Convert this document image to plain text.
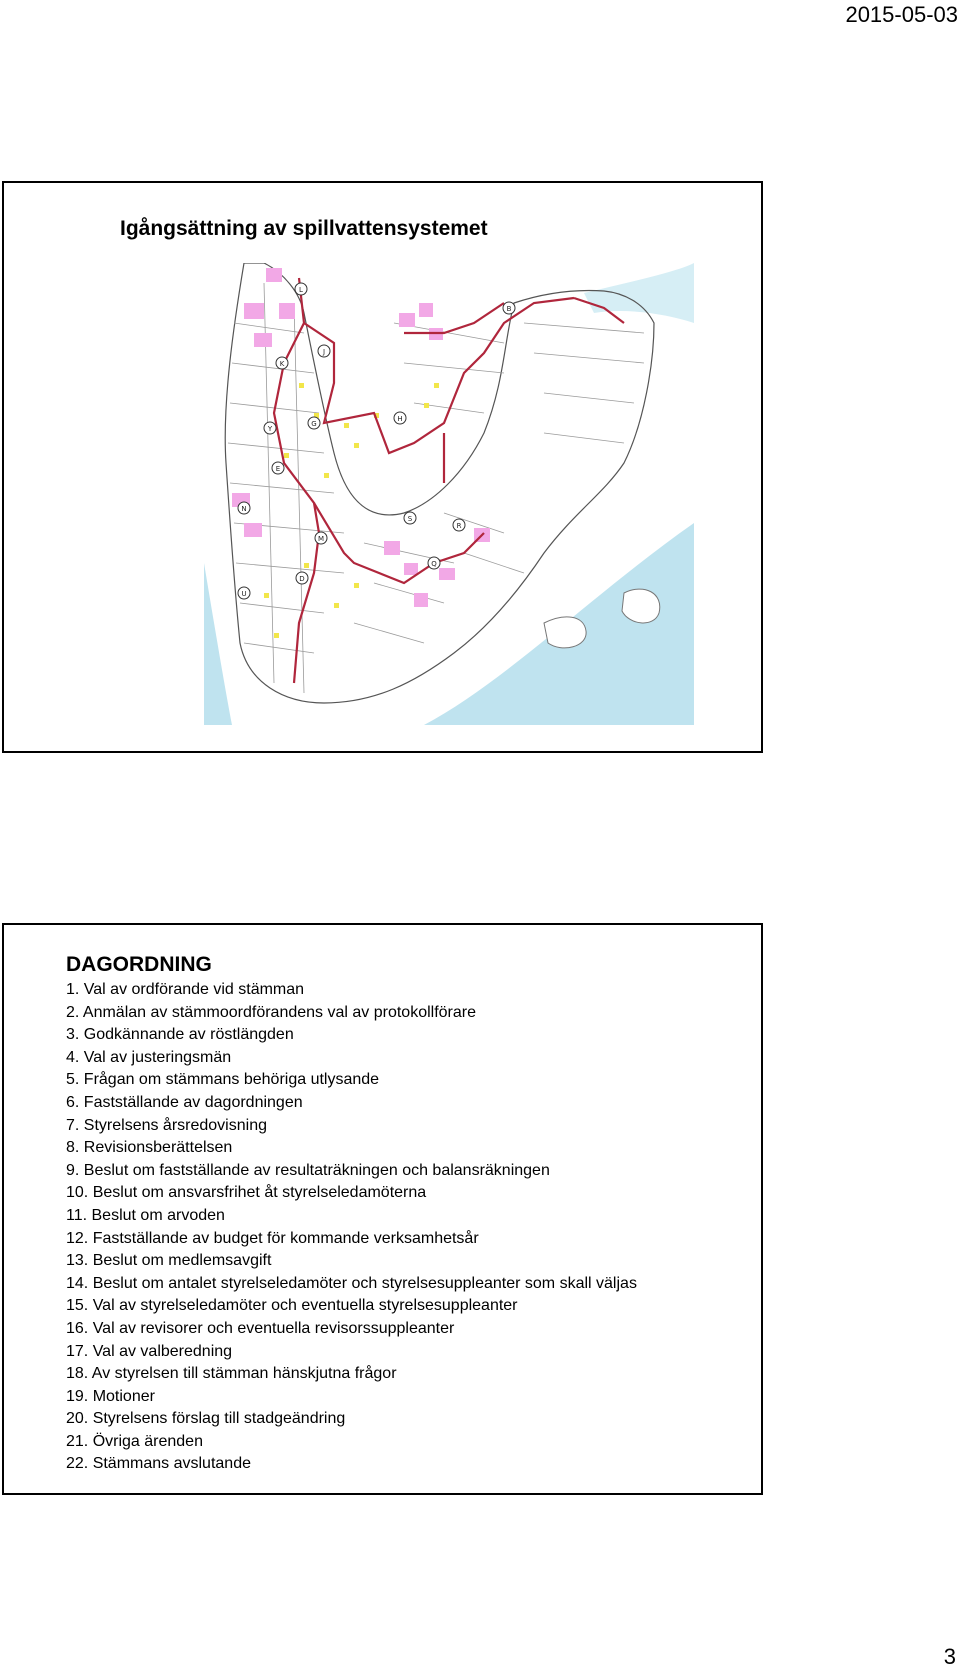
2015-05-03
Igångsättning av spillvattensystemet
L
J
K
Y
G
E
N
M
D
U
S
H
B
R
Q
DAGORDNING
1. Val av ordförande vid stämman
2. Anmälan av stämmoordförandens val av protokollförare
3. Godkännande av röstlängden
4. Val av justeringsmän
5. Frågan om stämmans behöriga utlysande
6. Fastställande av dagordningen
7. Styrelsens årsredovisning
8. Revisionsberättelsen
9. Beslut om fastställande av resultaträkningen och balansräkningen
10. Beslut om ansvarsfrihet åt styrelseledamöterna
11. Beslut om arvoden
12. Fastställande av budget för kommande verksamhetsår
13. Beslut om medlemsavgift
14. Beslut om antalet styrelseledamöter och styrelsesuppleanter som skall väljas
15. Val av styrelseledamöter och eventuella styrelsesuppleanter
16. Val av revisorer och eventuella revisorssuppleanter
17. Val av valberedning
18. Av styrelsen till stämman hänskjutna frågor
19. Motioner
20. Styrelsens förslag till stadgeändring
21. Övriga ärenden
22. Stämmans avslutande
3
